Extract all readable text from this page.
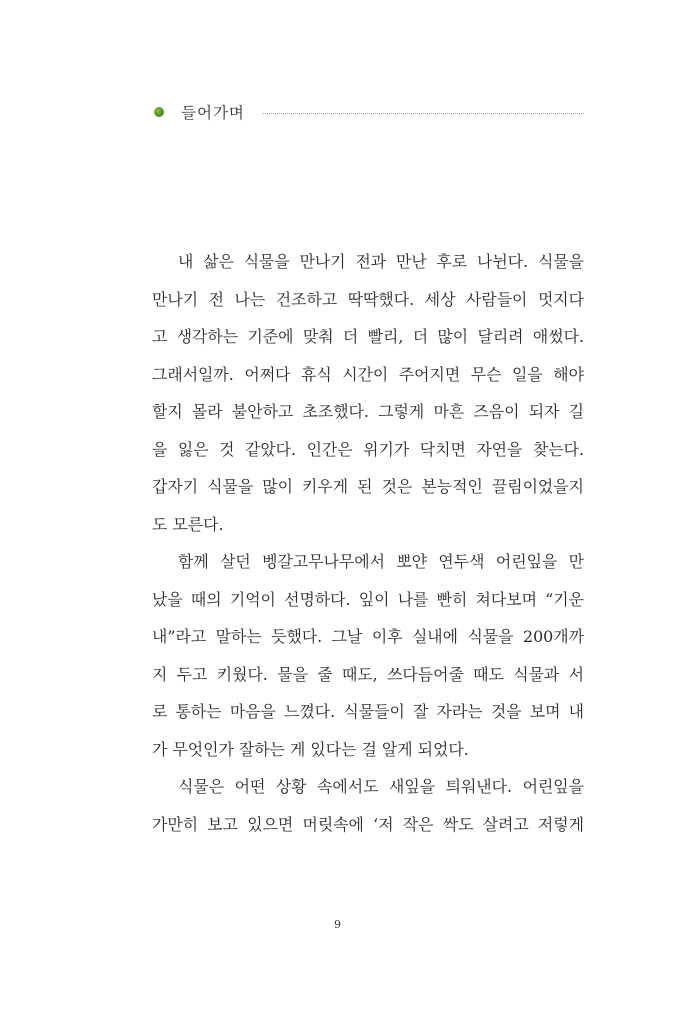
들어가며
내 삶은 식물을 만나기 전과 만난 후로 나뉜다. 식물을
만나기 전 나는 건조하고 딱딱했다. 세상 사람들이 멋지다
고 생각하는 기준에 맞춰 더 빨리, 더 많이 달리려 애썼다.
그래서일까. 어쩌다 휴식 시간이 주어지면 무슨 일을 해야
할지 몰라 불안하고 초조했다. 그렇게 마흔 즈음이 되자 길
을 잃은 것 같았다. 인간은 위기가 닥치면 자연을 찾는다.
갑자기 식물을 많이 키우게 된 것은 본능적인 끌림이었을지
도 모른다.
함께 살던 벵갈고무나무에서 뽀얀 연두색 어린잎을 만
났을 때의 기억이 선명하다. 잎이 나를 빤히 쳐다보며 “기운
내”라고 말하는 듯했다. 그날 이후 실내에 식물을 200개까
지 두고 키웠다. 물을 줄 때도, 쓰다듬어줄 때도 식물과 서
로 통하는 마음을 느꼈다. 식물들이 잘 자라는 것을 보며 내
가 무엇인가 잘하는 게 있다는 걸 알게 되었다.
식물은 어떤 상황 속에서도 새잎을 틔워낸다. 어린잎을
가만히 보고 있으면 머릿속에 ‘저 작은 싹도 살려고 저렇게
9
